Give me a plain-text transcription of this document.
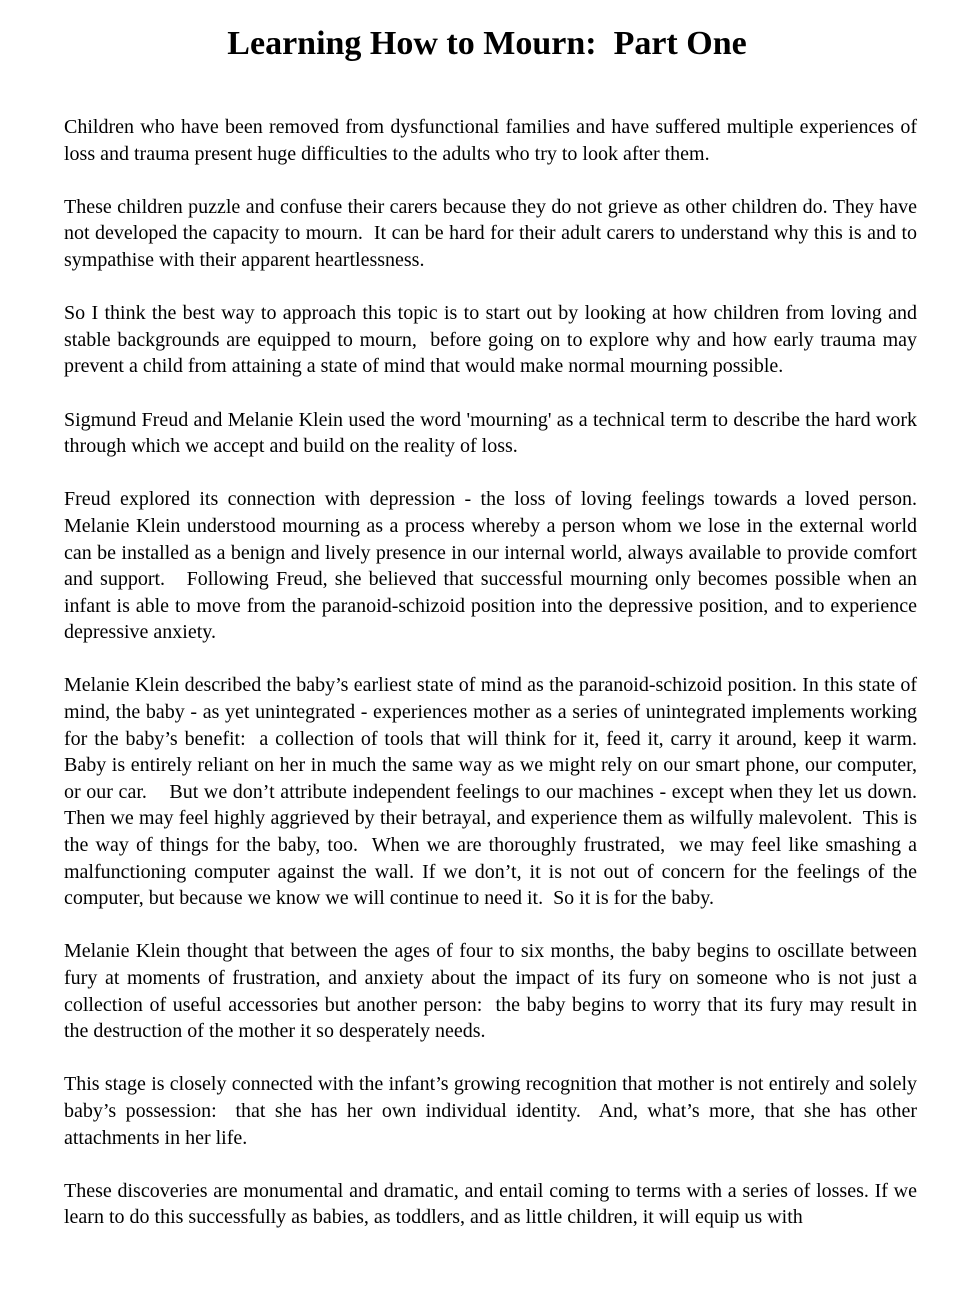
Learning How to Mourn:  Part One

Children who have been removed from dysfunctional families and have suffered multiple experiences of loss and trauma present huge difficulties to the adults who try to look after them.

These children puzzle and confuse their carers because they do not grieve as other children do. They have not developed the capacity to mourn.  It can be hard for their adult carers to understand why this is and to sympathise with their apparent heartlessness.

So I think the best way to approach this topic is to start out by looking at how children from loving and stable backgrounds are equipped to mourn,  before going on to explore why and how early trauma may prevent a child from attaining a state of mind that would make normal mourning possible.

Sigmund Freud and Melanie Klein used the word 'mourning' as a technical term to describe the hard work through which we accept and build on the reality of loss.

Freud explored its connection with depression - the loss of loving feelings towards a loved person. Melanie Klein understood mourning as a process whereby a person whom we lose in the external world can be installed as a benign and lively presence in our internal world, always available to provide comfort and support.   Following Freud, she believed that successful mourning only becomes possible when an infant is able to move from the paranoid-schizoid position into the depressive position, and to experience depressive anxiety.

Melanie Klein described the baby’s earliest state of mind as the paranoid-schizoid position. In this state of mind, the baby - as yet unintegrated - experiences mother as a series of unintegrated implements working for the baby’s benefit:  a collection of tools that will think for it, feed it, carry it around, keep it warm.   Baby is entirely reliant on her in much the same way as we might rely on our smart phone, our computer, or our car.    But we don’t attribute independent feelings to our machines - except when they let us down.  Then we may feel highly aggrieved by their betrayal, and experience them as wilfully malevolent.  This is the way of things for the baby, too.  When we are thoroughly frustrated,  we may feel like smashing a malfunctioning computer against the wall. If we don’t, it is not out of concern for the feelings of the computer, but because we know we will continue to need it.  So it is for the baby.

Melanie Klein thought that between the ages of four to six months, the baby begins to oscillate between fury at moments of frustration, and anxiety about the impact of its fury on someone who is not just a collection of useful accessories but another person:  the baby begins to worry that its fury may result in the destruction of the mother it so desperately needs.

This stage is closely connected with the infant’s growing recognition that mother is not entirely and solely baby’s possession:  that she has her own individual identity.  And, what’s more, that she has other attachments in her life.

These discoveries are monumental and dramatic, and entail coming to terms with a series of losses. If we learn to do this successfully as babies, as toddlers, and as little children, it will equip us with
